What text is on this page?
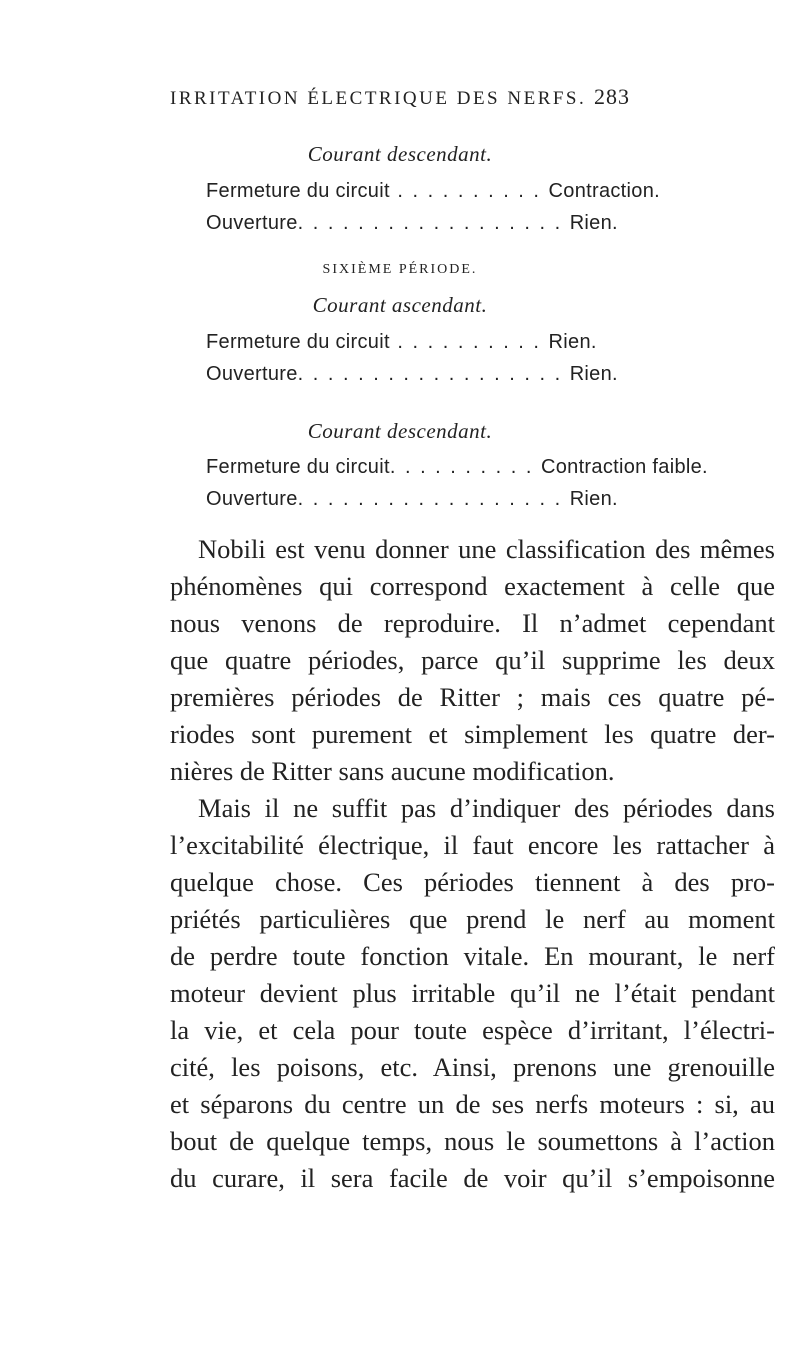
IRRITATION ÉLECTRIQUE DES NERFS. 283
Courant descendant.
Fermeture du circuit . . . . . . . . . . Contraction.
Ouverture. . . . . . . . . . . . . . . . . . Rien.
SIXIÈME PÉRIODE.
Courant ascendant.
Fermeture du circuit . . . . . . . . . . Rien.
Ouverture. . . . . . . . . . . . . . . . . . Rien.
Courant descendant.
Fermeture du circuit. . . . . . . . . . Contraction faible.
Ouverture. . . . . . . . . . . . . . . . . . Rien.
Nobili est venu donner une classification des mêmes
phénomènes qui correspond exactement à celle que
nous venons de reproduire. Il n’admet cependant
que quatre périodes, parce qu’il supprime les deux
premières périodes de Ritter ; mais ces quatre pé-
riodes sont purement et simplement les quatre der-
nières de Ritter sans aucune modification.
Mais il ne suffit pas d’indiquer des périodes dans
l’excitabilité électrique, il faut encore les rattacher à
quelque chose. Ces périodes tiennent à des pro-
priétés particulières que prend le nerf au moment
de perdre toute fonction vitale. En mourant, le nerf
moteur devient plus irritable qu’il ne l’était pendant
la vie, et cela pour toute espèce d’irritant, l’électri-
cité, les poisons, etc. Ainsi, prenons une grenouille
et séparons du centre un de ses nerfs moteurs : si, au
bout de quelque temps, nous le soumettons à l’action
du curare, il sera facile de voir qu’il s’empoisonne
